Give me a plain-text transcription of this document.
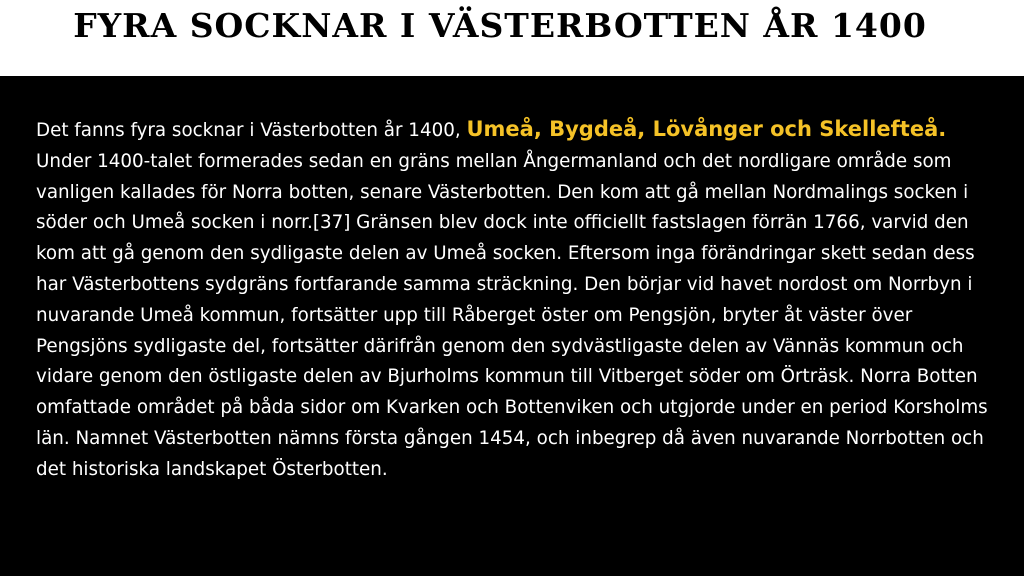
FYRA SOCKNAR I VÄSTERBOTTEN ÅR 1400

Det fanns fyra socknar i Västerbotten år 1400, Umeå, Bygdeå, Lövånger och Skellefteå. Under 1400-talet formerades sedan en gräns mellan Ångermanland och det nordligare område som vanligen kallades för Norra botten, senare Västerbotten. Den kom att gå mellan Nordmalings socken i söder och Umeå socken i norr.[37] Gränsen blev dock inte officiellt fastslagen förrän 1766, varvid den kom att gå genom den sydligaste delen av Umeå socken. Eftersom inga förändringar skett sedan dess har Västerbottens sydgräns fortfarande samma sträckning. Den börjar vid havet nordost om Norrbyn i nuvarande Umeå kommun, fortsätter upp till Råberget öster om Pengsjön, bryter åt väster över Pengsjöns sydligaste del, fortsätter därifrån genom den sydvästligaste delen av Vännäs kommun och vidare genom den östligaste delen av Bjurholms kommun till Vitberget söder om Örträsk. Norra Botten omfattade området på båda sidor om Kvarken och Bottenviken och utgjorde under en period Korsholms län. Namnet Västerbotten nämns första gången 1454, och inbegrep då även nuvarande Norrbotten och det historiska landskapet Österbotten.
